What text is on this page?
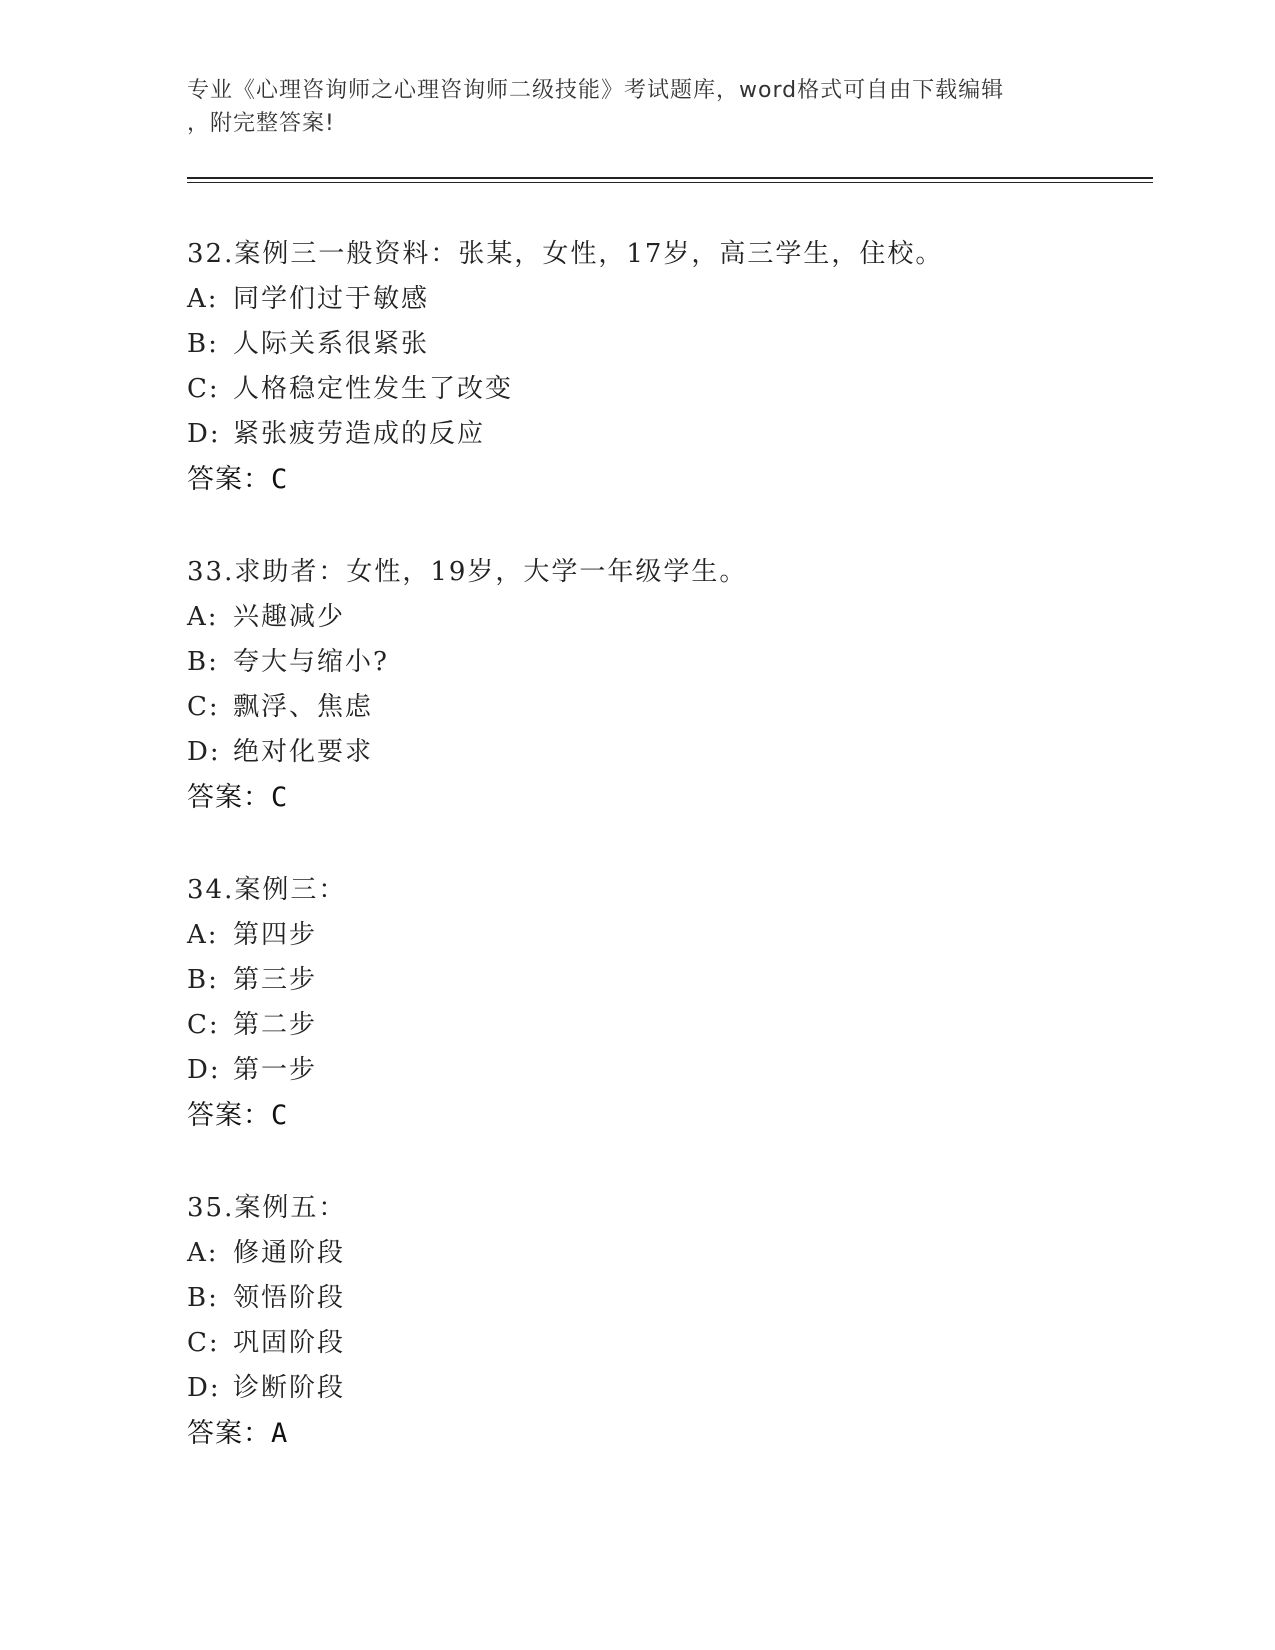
专业《心理咨询师之心理咨询师二级技能》考试题库，word格式可自由下载编辑
，附完整答案!
32.案例三一般资料：张某，女性，17岁，高三学生，住校。
A: 同学们过于敏感
B: 人际关系很紧张
C: 人格稳定性发生了改变
D: 紧张疲劳造成的反应
答案：C
33.求助者：女性，19岁，大学一年级学生。
A: 兴趣减少
B: 夸大与缩小?
C: 飘浮、焦虑
D: 绝对化要求
答案：C
34.案例三：
A: 第四步
B: 第三步
C: 第二步
D: 第一步
答案：C
35.案例五：
A: 修通阶段
B: 领悟阶段
C: 巩固阶段
D: 诊断阶段
答案：A
